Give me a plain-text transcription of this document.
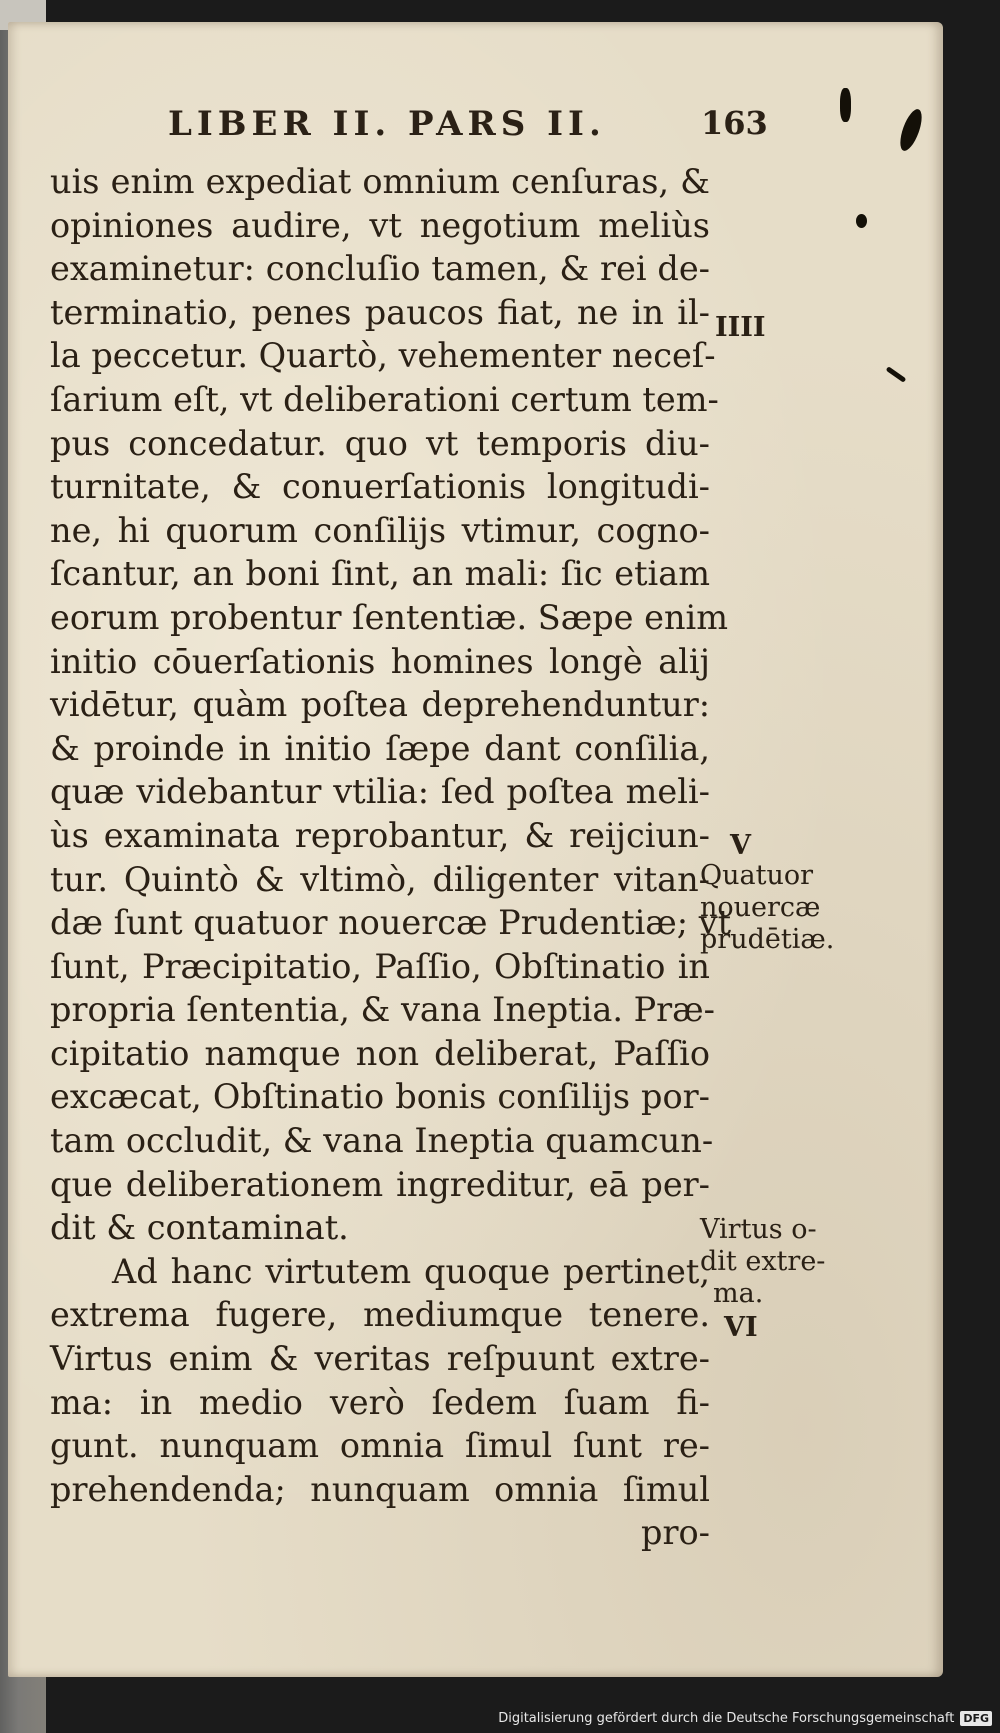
LIBER II. PARS II.	163
uis enim expediat omnium cenſuras, &
opiniones audire, vt negotium meliùs
examinetur: concluſio tamen, & rei de-
terminatio, penes paucos fiat, ne in il-
la peccetur. Quartò, vehementer neceſ-
ſarium eſt, vt deliberationi certum tem-
pus concedatur. quo vt temporis diu-
turnitate, & conuerſationis longitudi-
ne, hi quorum conſilijs vtimur, cogno-
ſcantur, an boni ſint, an mali: ſic etiam
eorum probentur ſententiæ. Sæpe enim
initio cōuerſationis homines longè alij
vidētur, quàm poſtea deprehenduntur:
& proinde in initio ſæpe dant conſilia,
quæ videbantur vtilia: ſed poſtea meli-
ùs examinata reprobantur, & reijciun-
tur. Quintò & vltimò, diligenter vitan-
dæ ſunt quatuor nouercæ Prudentiæ; vt
ſunt, Præcipitatio, Paſſio, Obſtinatio in
propria ſententia, & vana Ineptia. Præ-
cipitatio namque non deliberat, Paſſio
excæcat, Obſtinatio bonis conſilijs por-
tam occludit, & vana Ineptia quamcun-
que deliberationem ingreditur, eā per-
dit & contaminat.
Ad hanc virtutem quoque pertinet,
extrema fugere, mediumque tenere.
Virtus enim & veritas reſpuunt extre-
ma: in medio verò ſedem ſuam fi-
gunt. nunquam omnia ſimul ſunt re-
prehendenda; nunquam omnia ſimul
pro-
IIII
V
Quatuor
nouercæ
prudētiæ.
Virtus o-
dit extre-
ma.
VI
Digitalisierung gefördert durch die Deutsche Forschungsgemeinschaft DFG
